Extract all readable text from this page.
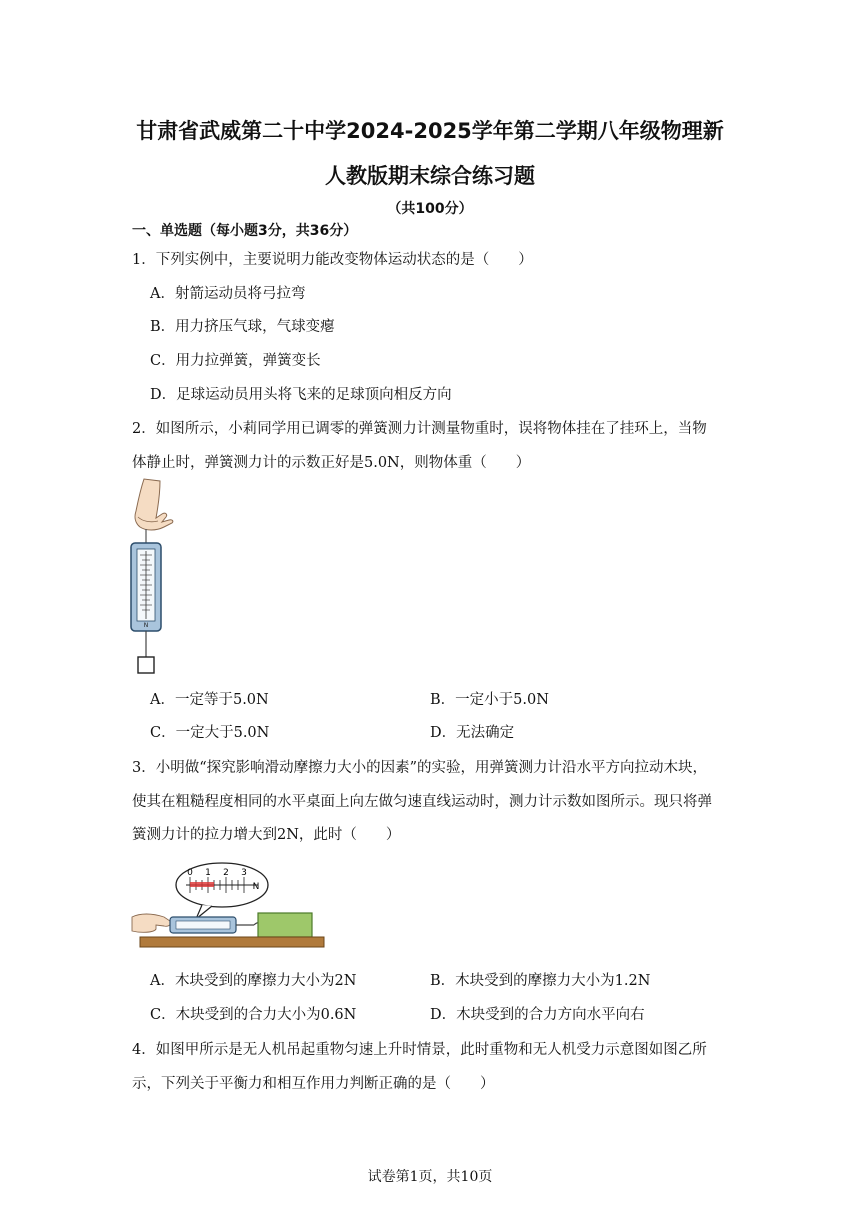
甘肃省武威第二十中学2024-2025学年第二学期八年级物理新
人教版期末综合练习题
（共100分）
一、单选题（每小题3分，共36分）
1．下列实例中，主要说明力能改变物体运动状态的是（　　）
A．射箭运动员将弓拉弯
B．用力挤压气球，气球变瘪
C．用力拉弹簧，弹簧变长
D．足球运动员用头将飞来的足球顶向相反方向
2．如图所示，小莉同学用已调零的弹簧测力计测量物重时，误将物体挂在了挂环上，当物
体静止时，弹簧测力计的示数正好是5.0N，则物体重（　　）
N
A．一定等于5.0N	B．一定小于5.0N
C．一定大于5.0N	D．无法确定
3．小明做“探究影响滑动摩擦力大小的因素”的实验，用弹簧测力计沿水平方向拉动木块，
使其在粗糙程度相同的水平桌面上向左做匀速直线运动时，测力计示数如图所示。现只将弹
簧测力计的拉力增大到2N，此时（　　）
0 1 2 3
N
A．木块受到的摩擦力大小为2N	B．木块受到的摩擦力大小为1.2N
C．木块受到的合力大小为0.6N	D．木块受到的合力方向水平向右
4．如图甲所示是无人机吊起重物匀速上升时情景，此时重物和无人机受力示意图如图乙所
示，下列关于平衡力和相互作用力判断正确的是（　　）
试卷第1页，共10页
